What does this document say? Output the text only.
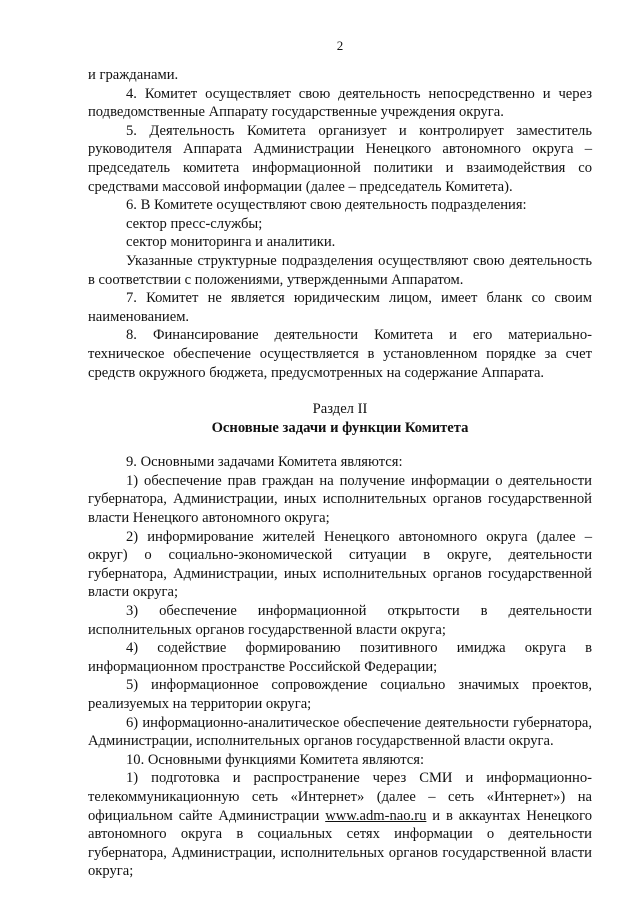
2

и гражданами.

4. Комитет осуществляет свою деятельность непосредственно и через подведомственные Аппарату государственные учреждения округа.

5. Деятельность Комитета организует и контролирует заместитель руководителя Аппарата Администрации Ненецкого автономного округа – председатель комитета информационной политики и взаимодействия со средствами массовой информации (далее – председатель Комитета).

6. В Комитете осуществляют свою деятельность подразделения:

сектор пресс-службы;

сектор мониторинга и аналитики.

Указанные структурные подразделения осуществляют свою деятельность в соответствии с положениями, утвержденными Аппаратом.

7. Комитет не является юридическим лицом, имеет бланк со своим наименованием.

8. Финансирование деятельности Комитета и его материально-техническое обеспечение осуществляется в установленном порядке за счет средств окружного бюджета, предусмотренных на содержание Аппарата.

Раздел II

Основные задачи и функции Комитета

9. Основными задачами Комитета являются:

1) обеспечение прав граждан на получение информации о деятельности губернатора, Администрации, иных исполнительных органов государственной власти Ненецкого автономного округа;

2) информирование жителей Ненецкого автономного округа (далее – округ) о социально-экономической ситуации в округе, деятельности губернатора, Администрации, иных исполнительных органов государственной власти округа;

3) обеспечение информационной открытости в деятельности исполнительных органов государственной власти округа;

4) содействие формированию позитивного имиджа округа в информационном пространстве Российской Федерации;

5) информационное сопровождение социально значимых проектов, реализуемых на территории округа;

6) информационно-аналитическое обеспечение деятельности губернатора, Администрации, исполнительных органов государственной власти округа.

10. Основными функциями Комитета являются:

1) подготовка и распространение через СМИ и информационно-телекоммуникационную сеть «Интернет» (далее – сеть «Интернет») на официальном сайте Администрации www.adm-nao.ru и в аккаунтах Ненецкого автономного округа в социальных сетях информации о деятельности губернатора, Администрации, исполнительных органов государственной власти округа;
